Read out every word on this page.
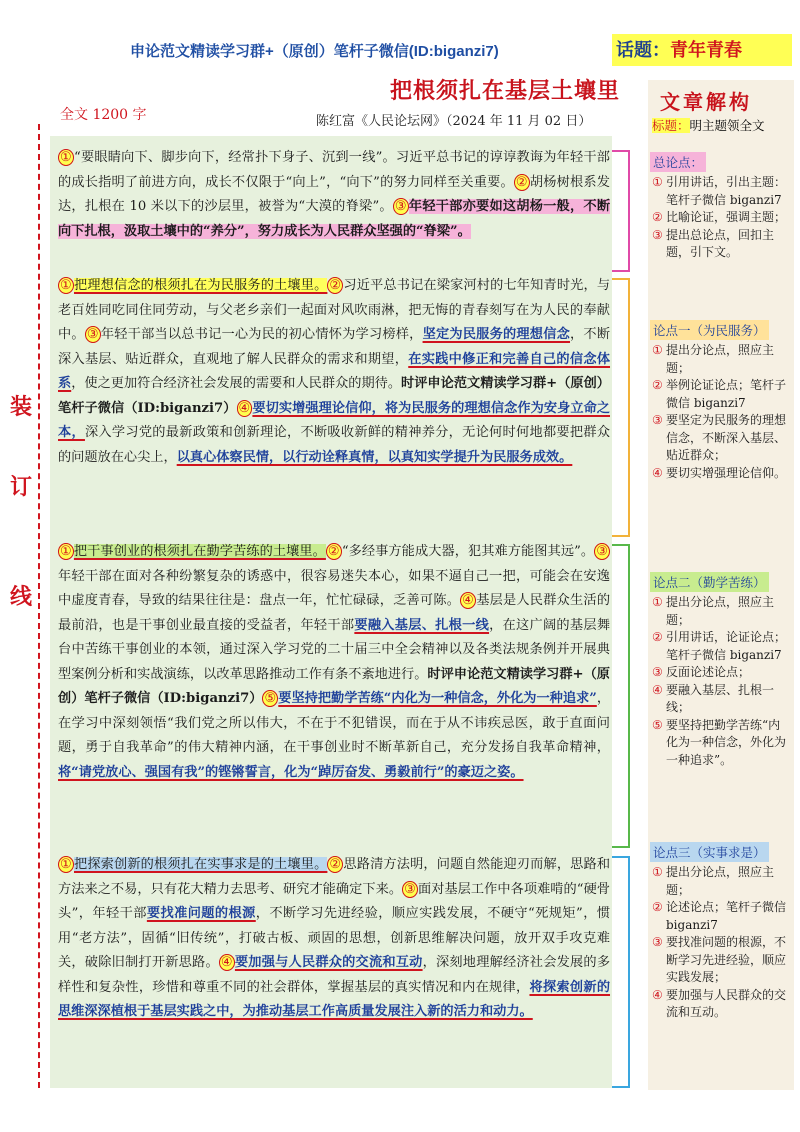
申论范文精读学习群+（原创）笔杆子微信(ID:biganzi7)	话题：青年青春
把根须扎在基层土壤里
全文 1200 字	陈红富《人民论坛网》（2024 年 11 月 02 日）
装
订
线
① “要眼睛向下、脚步向下，经常扑下身子、沉到一线”。习近平总书记的谆谆教诲为年轻干部的成长指明了前进方向，成长不仅限于“向上”，“向下”的努力同样至关重要。 ② 胡杨树根系发达，扎根在 10 米以下的沙层里，被誉为“大漠的脊梁”。 ③ 年轻干部亦要如这胡杨一般，不断向下扎根，汲取土壤中的“养分”，努力成长为人民群众坚强的“脊梁”。
① 把理想信念的根须扎在为民服务的土壤里。 ② 习近平总书记在梁家河村的七年知青时光，与老百姓同吃同住同劳动，与父老乡亲们一起面对风吹雨淋，把无悔的青春刻写在为人民的奉献中。 ③ 年轻干部当以总书记一心为民的初心情怀为学习榜样，坚定为民服务的理想信念，不断深入基层、贴近群众，直观地了解人民群众的需求和期望，在实践中修正和完善自己的信念体系，使之更加符合经济社会发展的需要和人民群众的期待。时评申论范文精读学习群+（原创）笔杆子微信（ID:biganzi7） ④ 要切实增强理论信仰，将为民服务的理想信念作为安身立命之本，深入学习党的最新政策和创新理论，不断吸收新鲜的精神养分，无论何时何地都要把群众的问题放在心尖上，以真心体察民情，以行动诠释真情，以真知实学提升为民服务成效。
① 把干事创业的根须扎在勤学苦练的土壤里。 ② “多经事方能成大器，犯其难方能图其远”。 ③年轻干部在面对各种纷繁复杂的诱惑中，很容易迷失本心，如果不逼自己一把，可能会在安逸中虚度青春，导致的结果往往是：盘点一年，忙忙碌碌，乏善可陈。 ④ 基层是人民群众生活的最前沿，也是干事创业最直接的受益者，年轻干部要融入基层、扎根一线，在这广阔的基层舞台中苦练干事创业的本领，通过深入学习党的二十届三中全会精神以及各类法规条例并开展典型案例分析和实战演练，以改革思路推动工作有条不紊地进行。时评申论范文精读学习群+（原创）笔杆子微信（ID:biganzi7） ⑤ 要坚持把勤学苦练“内化为一种信念，外化为一种追求”，在学习中深刻领悟“我们党之所以伟大，不在于不犯错误，而在于从不讳疾忌医，敢于直面问题，勇于自我革命”的伟大精神内涵，在干事创业时不断革新自己，充分发扬自我革命精神，将“请党放心、强国有我”的铿锵誓言，化为“踔厉奋发、勇毅前行”的豪迈之姿。
① 把探索创新的根须扎在实事求是的土壤里。 ② 思路清方法明，问题自然能迎刃而解，思路和方法来之不易，只有花大精力去思考、研究才能确定下来。 ③ 面对基层工作中各项难啃的“硬骨头”，年轻干部要找准问题的根源，不断学习先进经验，顺应实践发展，不硬守“死规矩”，惯用“老方法”，固循“旧传统”，打破古板、顽固的思想，创新思维解决问题，放开双手攻克难关，破除旧制打开新思路。 ④ 要加强与人民群众的交流和互动，深刻地理解经济社会发展的多样性和复杂性，珍惜和尊重不同的社会群体，掌握基层的真实情况和内在规律，将探索创新的思维深深植根于基层实践之中，为推动基层工作高质量发展注入新的活力和动力。
文章解构
标题：明主题领全文
总论点：
① 引用讲话，引出主题：笔杆子微信 biganzi7
② 比喻论证，强调主题；
③ 提出总论点，回扣主题，引下文。
论点一（为民服务）
① 提出分论点，照应主题；
② 举例论证论点；笔杆子微信 biganzi7
③ 要坚定为民服务的理想信念，不断深入基层、贴近群众；
④ 要切实增强理论信仰。
论点二（勤学苦练）
① 提出分论点，照应主题；
② 引用讲话，论证论点；笔杆子微信 biganzi7
③ 反面论述论点；
④ 要融入基层、扎根一线；
⑤ 要坚持把勤学苦练“内化为一种信念，外化为一种追求”。
论点三（实事求是）
① 提出分论点，照应主题；
② 论述论点；笔杆子微信 biganzi7
③ 要找准问题的根源，不断学习先进经验，顺应实践发展；
④ 要加强与人民群众的交流和互动。
